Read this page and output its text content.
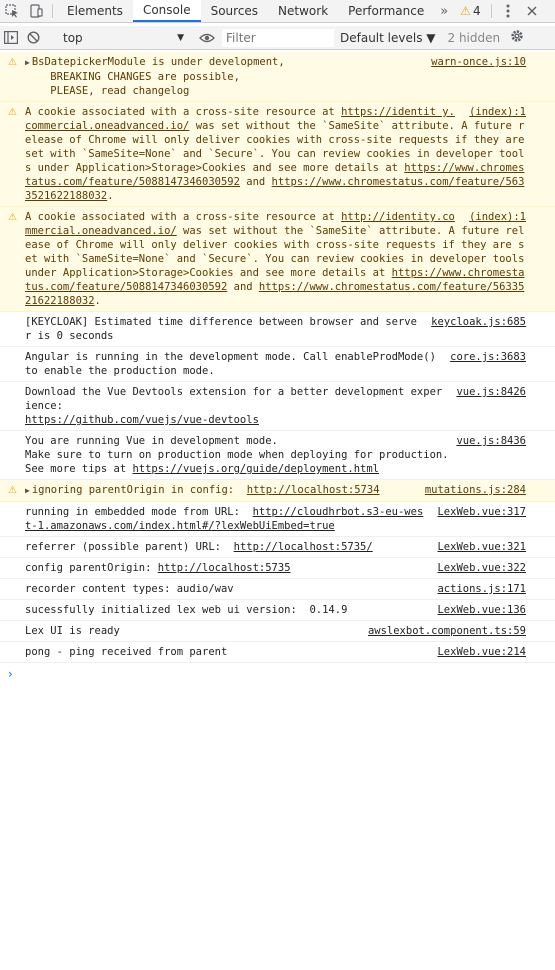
Elements	Console	Sources	Network	Performance	»	⚠ 4
top	▼
Filter	Default levels ▼ 2 hidden
⚠	warn-once.js:10
▶ BsDatepickerModule is under development,
BREAKING CHANGES are possible,
PLEASE, read changelog
⚠	(index):1
A cookie associated with a cross-site resource at https://identit y.commercial.oneadvanced.io/ was set without the `SameSite` attribute. A future release of Chrome will only deliver cookies with cross-site requests if they are set with `SameSite=None` and `Secure`. You can review cookies in developer tools under Application>Storage>Cookies and see more details at https://www.chromestatus.com/feature/5088147346030592 and https://www.chromestatus.com/feature/5633521622188032.
⚠	(index):1
A cookie associated with a cross-site resource at http://identity.commercial.oneadvanced.io/ was set without the `SameSite` attribute. A future release of Chrome will only deliver cookies with cross-site requests if they are set with `SameSite=None` and `Secure`. You can review cookies in developer tools under Application>Storage>Cookies and see more details at https://www.chromestatus.com/feature/5088147346030592 and https://www.chromestatus.com/feature/5633521622188032.
keycloak.js:685
[KEYCLOAK] Estimated time difference between browser and server is 0 seconds
core.js:3683
Angular is running in the development mode. Call enableProdMode() to enable the production mode.
vue.js:8426
Download the Vue Devtools extension for a better development experience:
https://github.com/vuejs/vue-devtools
vue.js:8436
You are running Vue in development mode.
Make sure to turn on production mode when deploying for production.
See more tips at https://vuejs.org/guide/deployment.html
⚠	mutations.js:284
▶ ignoring parentOrigin in config:  http://localhost:5734
LexWeb.vue:317
running in embedded mode from URL:  http://cloudhrbot.s3-eu-west-1.amazonaws.com/index.html#/?lexWebUiEmbed=true
LexWeb.vue:321
referrer (possible parent) URL:  http://localhost:5735/
LexWeb.vue:322
config parentOrigin: http://localhost:5735
actions.js:171
recorder content types: audio/wav
LexWeb.vue:136
sucessfully initialized lex web ui version:  0.14.9
awslexbot.component.ts:59
Lex UI is ready
LexWeb.vue:214
pong - ping received from parent
›
